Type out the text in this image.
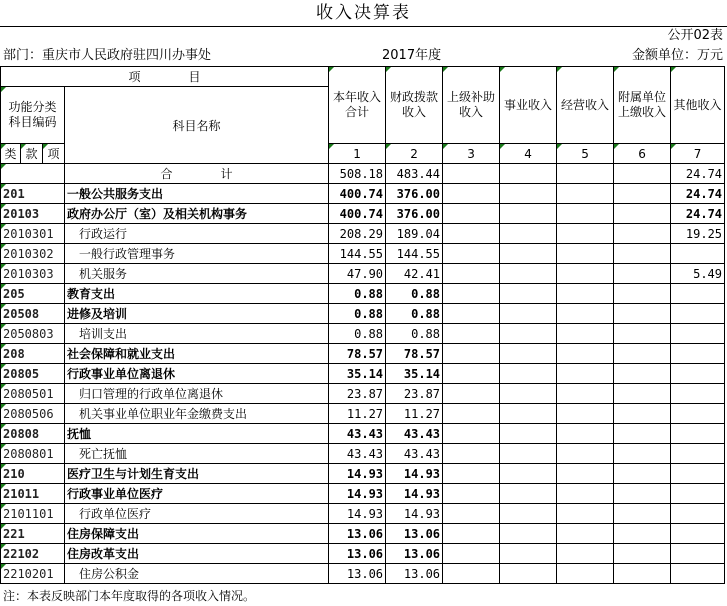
收入决算表
公开02表
部门：重庆市人民政府驻四川办事处	2017年度	金额单位：万元
项　　　　目				本年收入合计	财政拨款收入	上级补助收入	事业收入	经营收入	附属单位上缴收入	其他收入
功能分类科目编码			科目名称							
类	款	项		1	2	3	4	5	6	7
			合　　　　计	508.18	483.44					24.74
201			一般公共服务支出	400.74	376.00					24.74
20103			政府办公厅（室）及相关机构事务	400.74	376.00					24.74
2010301			行政运行	208.29	189.04					19.25
2010302			一般行政管理事务	144.55	144.55					
2010303			机关服务	47.90	42.41					5.49
205			教育支出	0.88	0.88					
20508			进修及培训	0.88	0.88					
2050803			培训支出	0.88	0.88					
208			社会保障和就业支出	78.57	78.57					
20805			行政事业单位离退休	35.14	35.14					
2080501			归口管理的行政单位离退休	23.87	23.87					
2080506			机关事业单位职业年金缴费支出	11.27	11.27					
20808			抚恤	43.43	43.43					
2080801			死亡抚恤	43.43	43.43					
210			医疗卫生与计划生育支出	14.93	14.93					
21011			行政事业单位医疗	14.93	14.93					
2101101			行政单位医疗	14.93	14.93					
221			住房保障支出	13.06	13.06					
22102			住房改革支出	13.06	13.06					
2210201			住房公积金	13.06	13.06					
注：本表反映部门本年度取得的各项收入情况。
